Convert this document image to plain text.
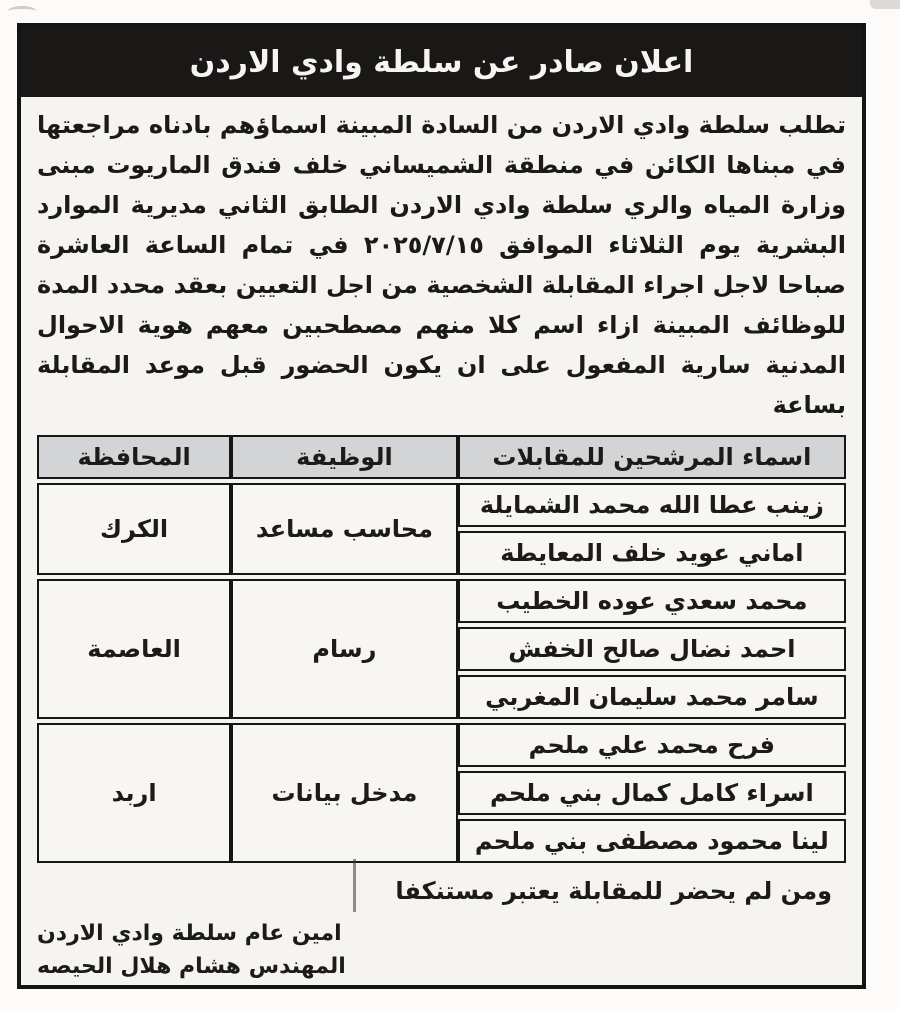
اعلان صادر عن سلطة وادي الاردن
تطلب سلطة وادي الاردن من السادة المبينة اسماؤهم بادناه مراجعتها في مبناها الكائن في منطقة الشميساني خلف فندق الماريوت مبنى وزارة المياه والري سلطة وادي الاردن الطابق الثاني مديرية الموارد البشرية يوم الثلاثاء الموافق ٢٠٢٥/٧/١٥ في تمام الساعة العاشرة صباحا لاجل اجراء المقابلة الشخصية من اجل التعيين بعقد محدد المدة للوظائف المبينة ازاء اسم كلا منهم مصطحبين معهم هوية الاحوال المدنية سارية المفعول على ان يكون الحضور قبل موعد المقابلة بساعة
اسماء المرشحين للمقابلات	الوظيفة	المحافظة
زينب عطا الله محمد الشمايلة	محاسب مساعد	الكرك
اماني عويد خلف المعايطة		
محمد سعدي عوده الخطيب	رسام	العاصمة
احمد نضال صالح الخفش		
سامر محمد سليمان المغربي		
فرح محمد علي ملحم	مدخل بيانات	اربد
اسراء كامل كمال بني ملحم		
لينا محمود مصطفى بني ملحم		
ومن لم يحضر للمقابلة يعتبر مستنكفا
امين عام سلطة وادي الاردن
المهندس هشام هلال الحيصه
